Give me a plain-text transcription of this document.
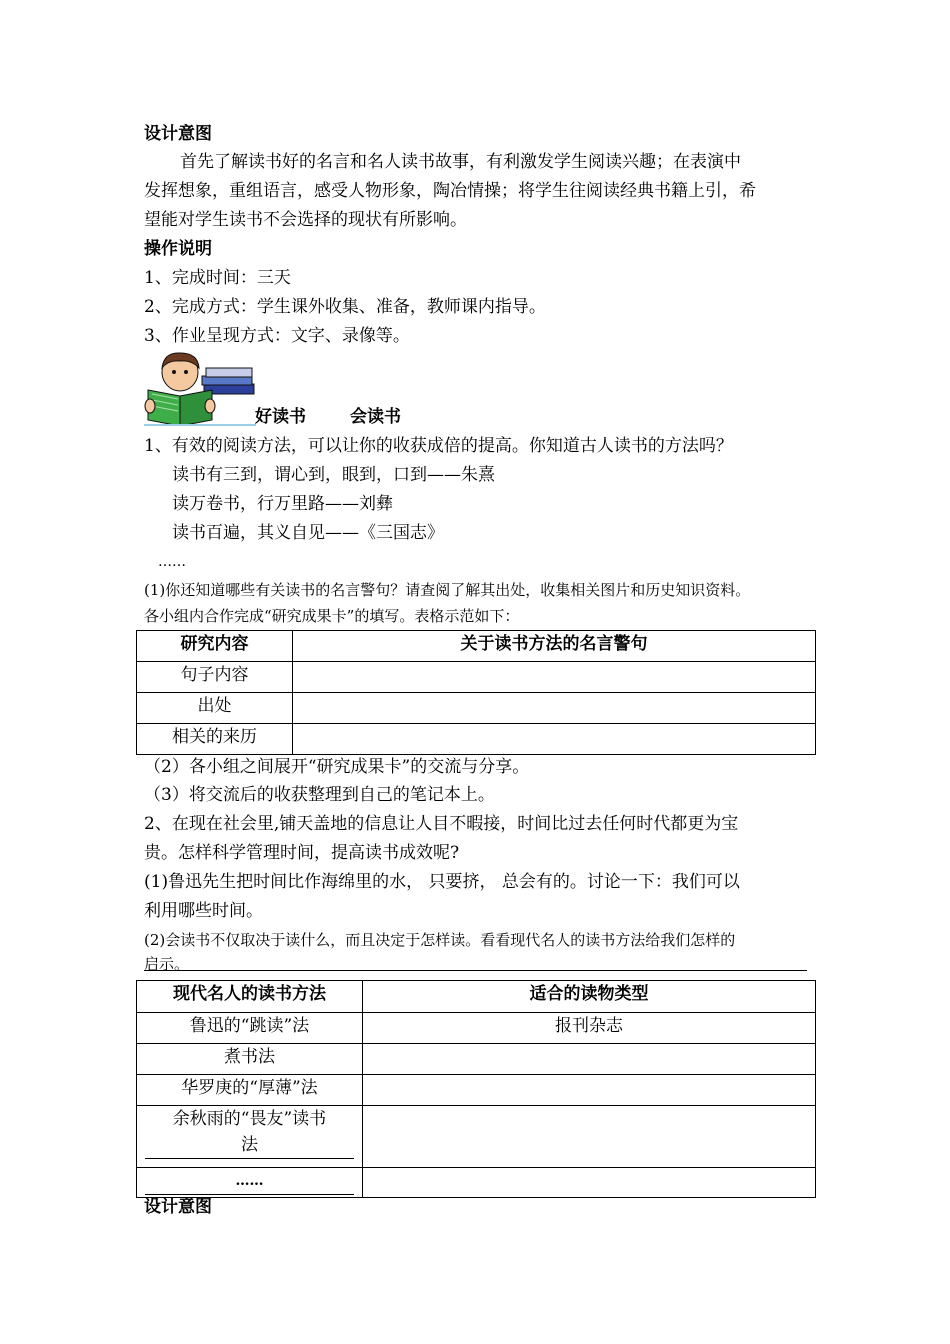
设计意图
首先了解读书好的名言和名人读书故事，有利激发学生阅读兴趣；在表演中
发挥想象，重组语言，感受人物形象，陶冶情操；将学生往阅读经典书籍上引，希
望能对学生读书不会选择的现状有所影响。
操作说明
1、完成时间：三天
2、完成方式：学生课外收集、准备，教师课内指导。
3、作业呈现方式：文字、录像等。
好读书	会读书
1、有效的阅读方法，可以让你的收获成倍的提高。你知道古人读书的方法吗？
读书有三到，谓心到，眼到，口到——朱熹
读万卷书，行万里路——刘彝
读书百遍，其义自见——《三国志》
……
(1)你还知道哪些有关读书的名言警句？请查阅了解其出处，收集相关图片和历史知识资料。
各小组内合作完成“研究成果卡”的填写。表格示范如下：
研究内容	关于读书方法的名言警句
句子内容	
出处	
相关的来历	
（2）各小组之间展开“研究成果卡”的交流与分享。
（3）将交流后的收获整理到自己的笔记本上。
2、在现在社会里,铺天盖地的信息让人目不暇接，时间比过去任何时代都更为宝
贵。怎样科学管理时间，提高读书成效呢?
(1)鲁迅先生把时间比作海绵里的水， 只要挤， 总会有的。讨论一下：我们可以
利用哪些时间。
(2)会读书不仅取决于读什么，而且决定于怎样读。看看现代名人的读书方法给我们怎样的
启示。
现代名人的读书方法	适合的读物类型
鲁迅的“跳读”法	报刊杂志
煮书法	
华罗庚的“厚薄”法	

余秋雨的“畏友”读书
法	

……	

设计意图
